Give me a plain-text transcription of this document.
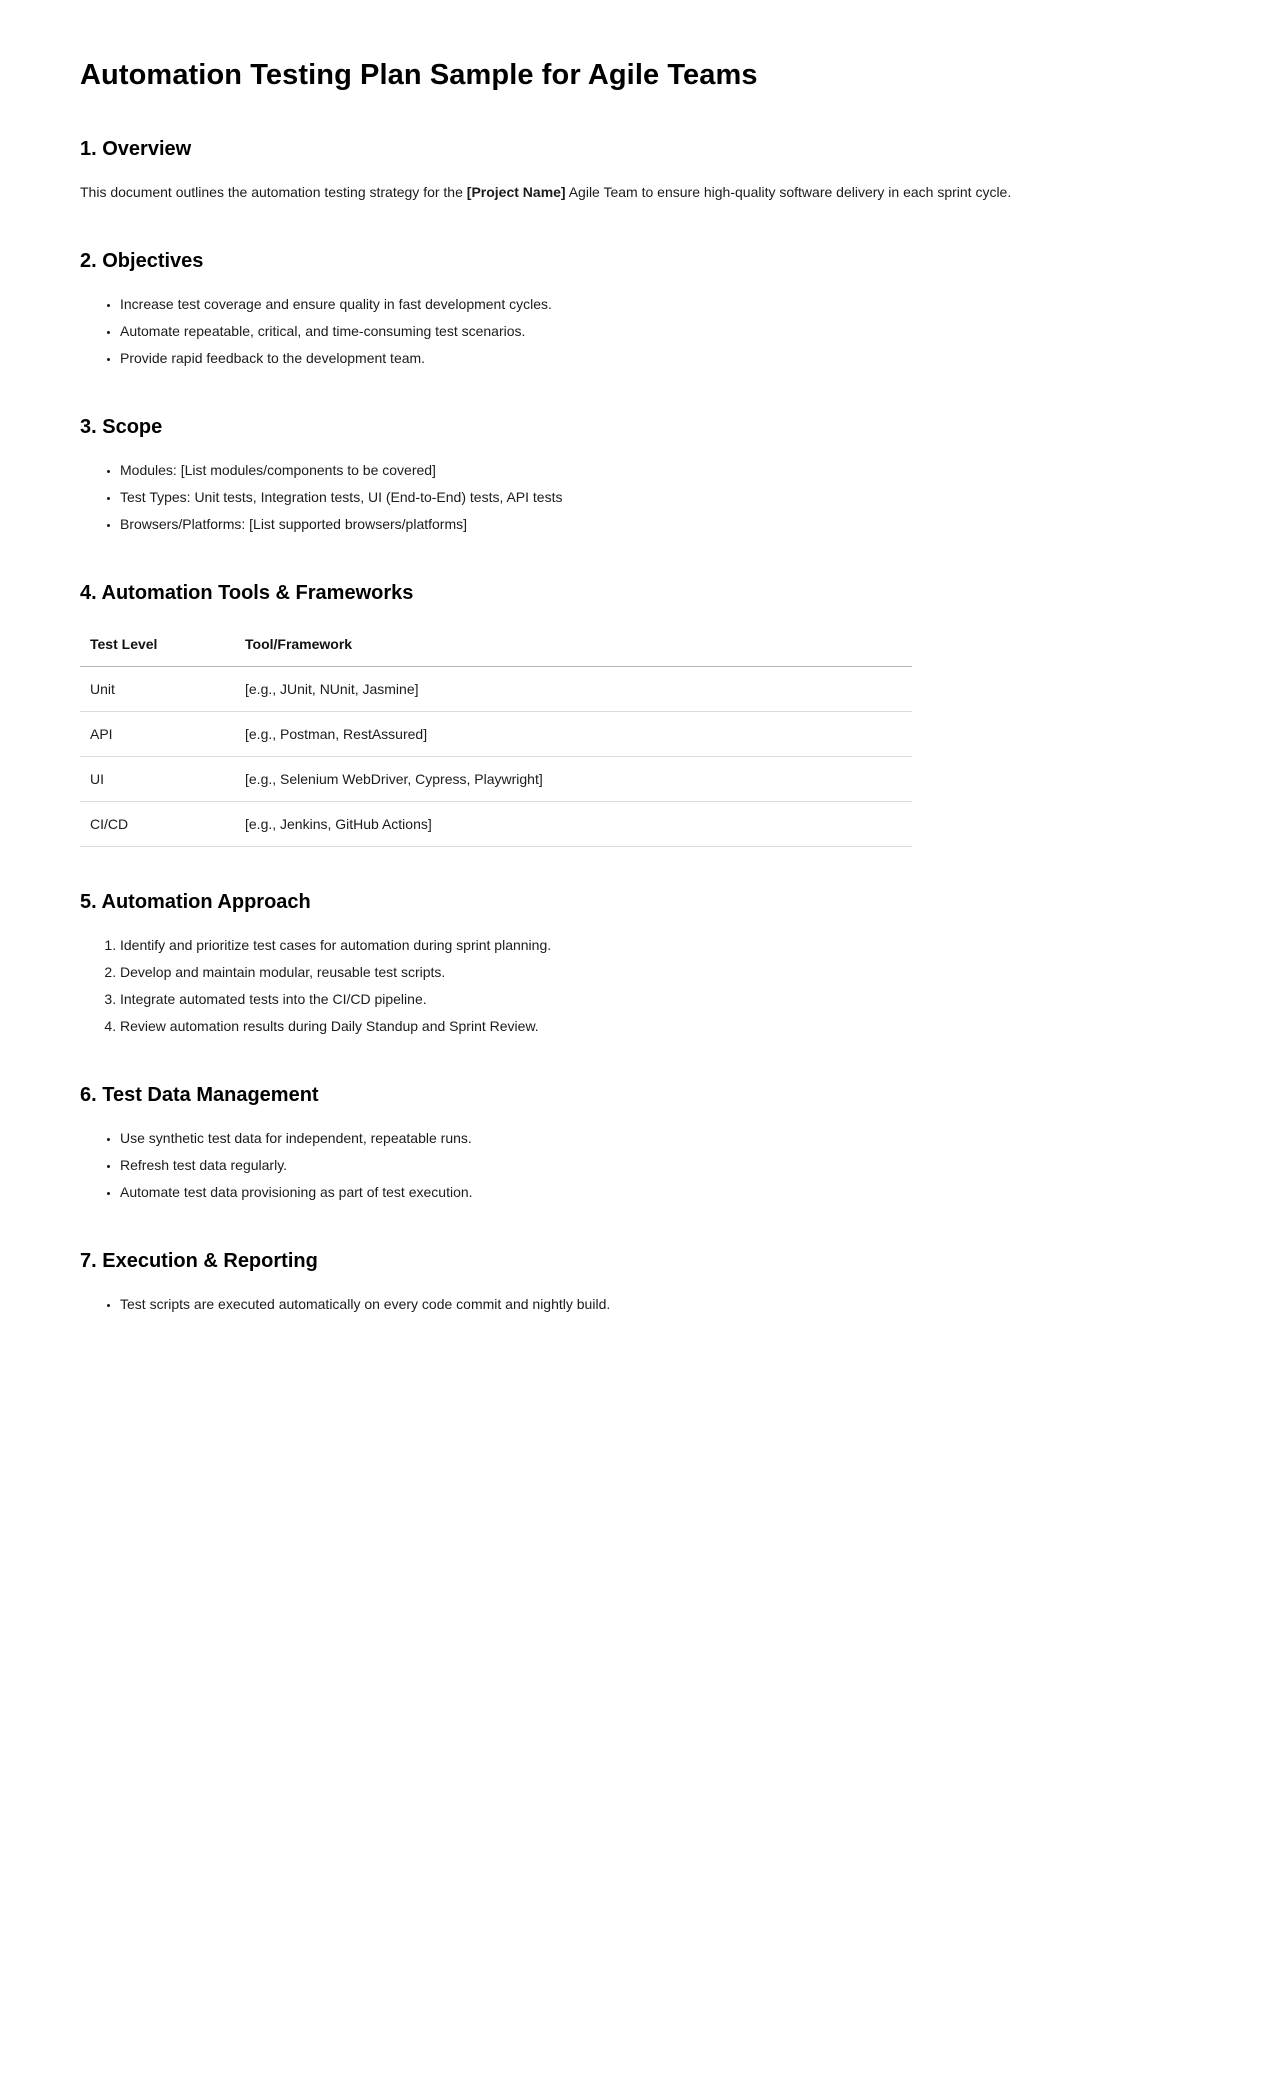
Automation Testing Plan Sample for Agile Teams
1. Overview

This document outlines the automation testing strategy for the [Project Name] Agile Team to ensure high-quality software delivery in each sprint cycle.

2. Objectives
• Increase test coverage and ensure quality in fast development cycles.
• Automate repeatable, critical, and time-consuming test scenarios.
• Provide rapid feedback to the development team.
3. Scope
• Modules: [List modules/components to be covered]
• Test Types: Unit tests, Integration tests, UI (End-to-End) tests, API tests
• Browsers/Platforms: [List supported browsers/platforms]
4. Automation Tools & Frameworks
Test Level	Tool/Framework
Unit	[e.g., JUnit, NUnit, Jasmine]
API	[e.g., Postman, RestAssured]
UI	[e.g., Selenium WebDriver, Cypress, Playwright]
CI/CD	[e.g., Jenkins, GitHub Actions]
5. Automation Approach
1. Identify and prioritize test cases for automation during sprint planning.
2. Develop and maintain modular, reusable test scripts.
3. Integrate automated tests into the CI/CD pipeline.
4. Review automation results during Daily Standup and Sprint Review.
6. Test Data Management
• Use synthetic test data for independent, repeatable runs.
• Refresh test data regularly.
• Automate test data provisioning as part of test execution.
7. Execution & Reporting
• Test scripts are executed automatically on every code commit and nightly build.
